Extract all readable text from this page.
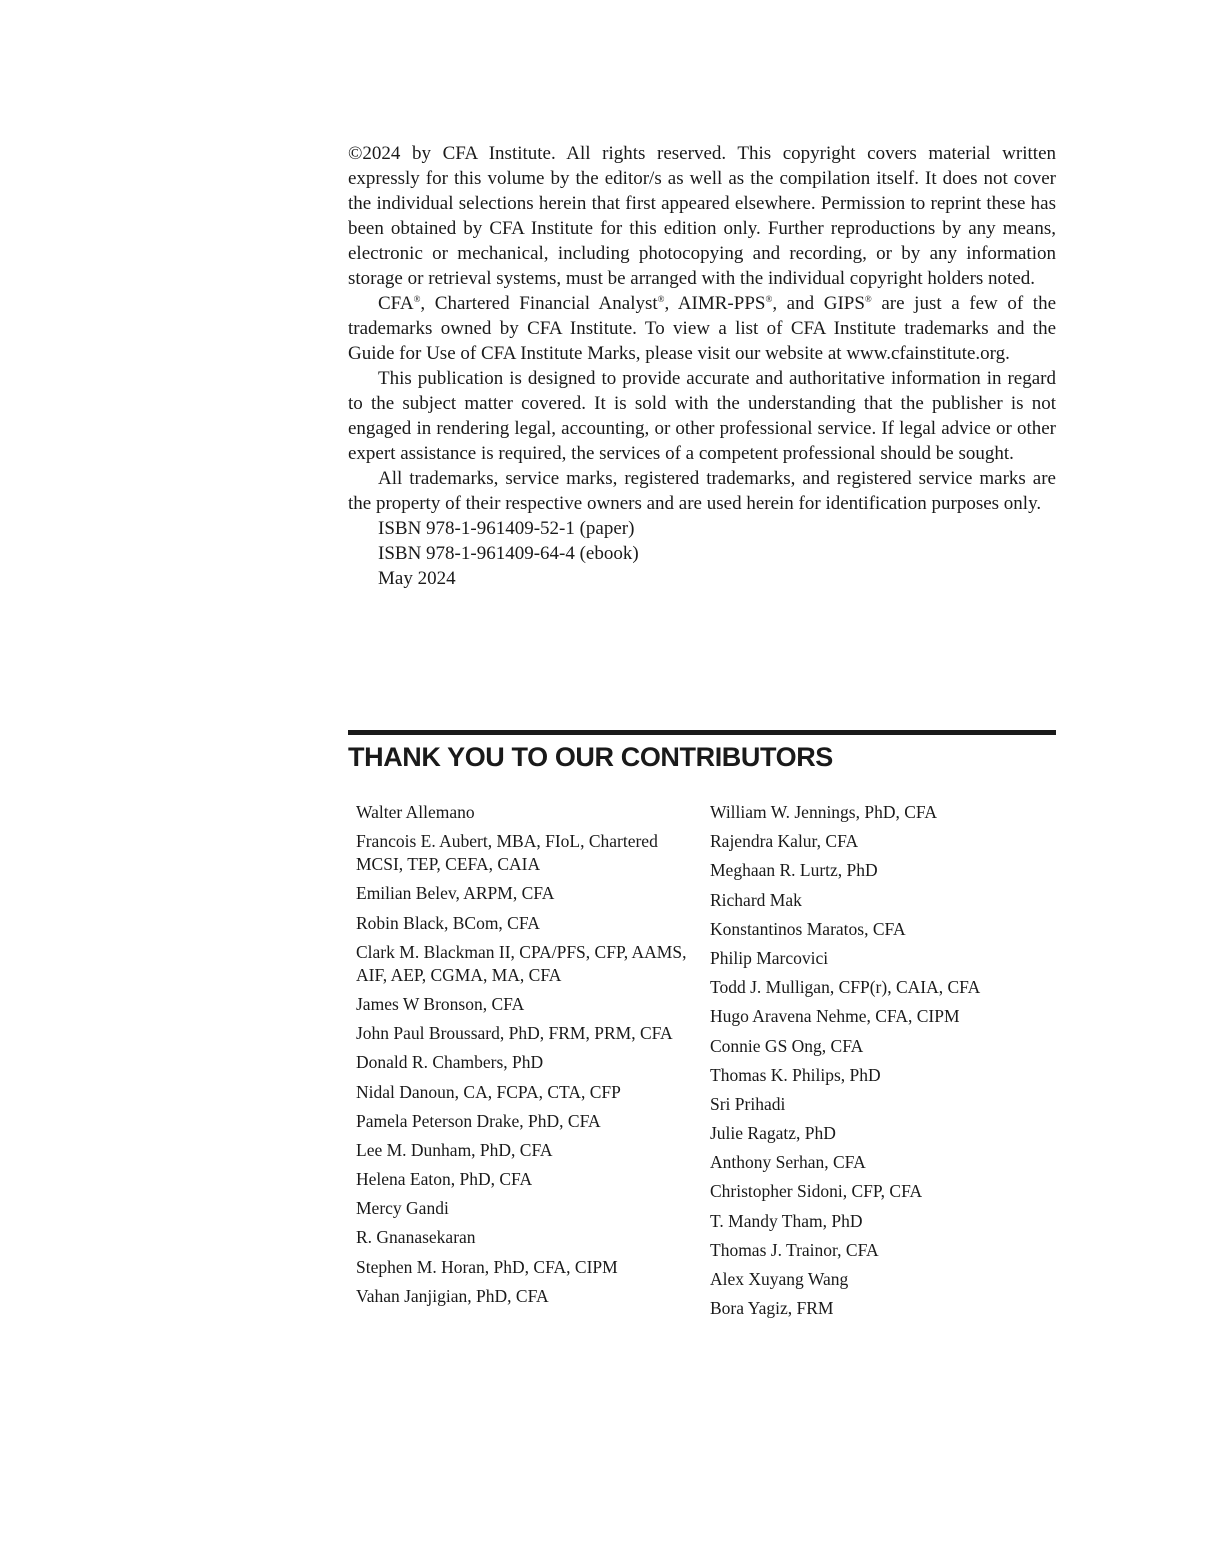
©2024 by CFA Institute. All rights reserved. This copyright covers material written expressly for this volume by the editor/s as well as the compilation itself. It does not cover the individual selections herein that first appeared elsewhere. Permission to reprint these has been obtained by CFA Institute for this edition only. Further reproductions by any means, electronic or mechanical, including photocopying and recording, or by any information storage or retrieval systems, must be arranged with the individual copyright holders noted.

CFA®, Chartered Financial Analyst®, AIMR-PPS®, and GIPS® are just a few of the trademarks owned by CFA Institute. To view a list of CFA Institute trademarks and the Guide for Use of CFA Institute Marks, please visit our website at www.cfainstitute.org.

This publication is designed to provide accurate and authoritative information in regard to the subject matter covered. It is sold with the understanding that the publisher is not engaged in rendering legal, accounting, or other professional service. If legal advice or other expert assistance is required, the services of a competent professional should be sought.

All trademarks, service marks, registered trademarks, and registered service marks are the property of their respective owners and are used herein for identification purposes only.

ISBN 978-1-961409-52-1 (paper)

ISBN 978-1-961409-64-4 (ebook)

May 2024

THANK YOU TO OUR CONTRIBUTORS
Walter Allemano
Francois E. Aubert, MBA, FIoL, Chartered MCSI, TEP, CEFA, CAIA
Emilian Belev, ARPM, CFA
Robin Black, BCom, CFA
Clark M. Blackman II, CPA/PFS, CFP, AAMS, AIF, AEP, CGMA, MA, CFA
James W Bronson, CFA
John Paul Broussard, PhD, FRM, PRM, CFA
Donald R. Chambers, PhD
Nidal Danoun, CA, FCPA, CTA, CFP
Pamela Peterson Drake, PhD, CFA
Lee M. Dunham, PhD, CFA
Helena Eaton, PhD, CFA
Mercy Gandi
R. Gnanasekaran
Stephen M. Horan, PhD, CFA, CIPM
Vahan Janjigian, PhD, CFA
William W. Jennings, PhD, CFA
Rajendra Kalur, CFA
Meghaan R. Lurtz, PhD
Richard Mak
Konstantinos Maratos, CFA
Philip Marcovici
Todd J. Mulligan, CFP(r), CAIA, CFA
Hugo Aravena Nehme, CFA, CIPM
Connie GS Ong, CFA
Thomas K. Philips, PhD
Sri Prihadi
Julie Ragatz, PhD
Anthony Serhan, CFA
Christopher Sidoni, CFP, CFA
T. Mandy Tham, PhD
Thomas J. Trainor, CFA
Alex Xuyang Wang
Bora Yagiz, FRM
